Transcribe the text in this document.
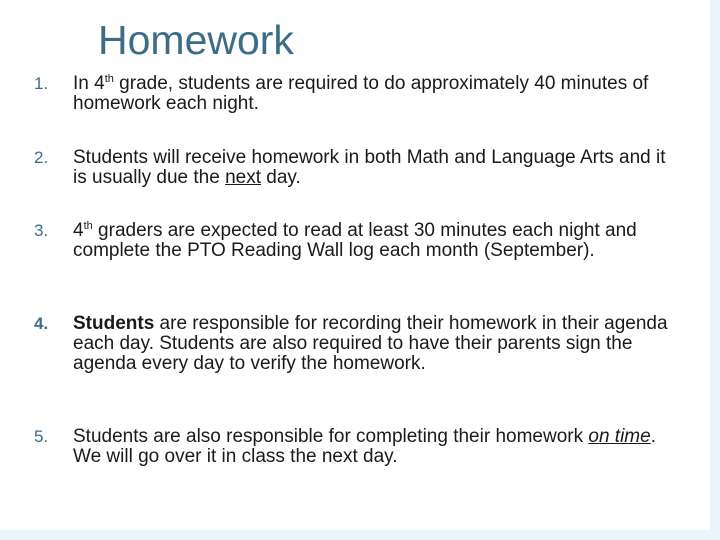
Homework
1. In 4th grade, students are required to do approximately 40 minutes of homework each night.
2. Students will receive homework in both Math and Language Arts and it is usually due the next day.
3. 4th graders are expected to read at least 30 minutes each night and complete the PTO Reading Wall log each month (September).
4. Students are responsible for recording their homework in their agenda each day. Students are also required to have their parents sign the agenda every day to verify the homework.
5. Students are also responsible for completing their homework on time. We will go over it in class the next day.
